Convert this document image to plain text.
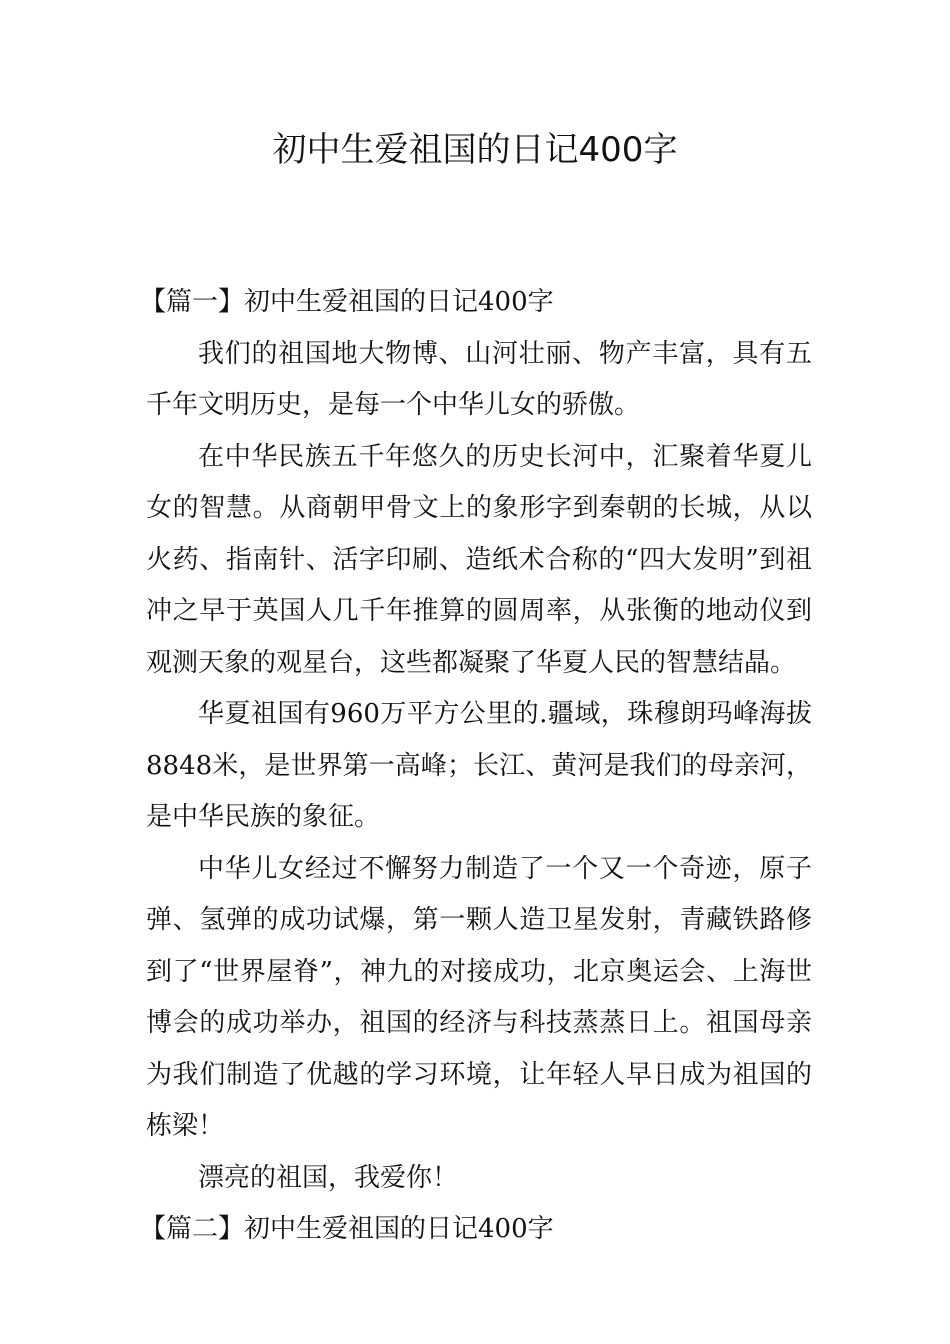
初中生爱祖国的日记400字
【篇一】初中生爱祖国的日记400字

我们的祖国地大物博、山河壮丽、物产丰富，具有五千年文明历史，是每一个中华儿女的骄傲。

在中华民族五千年悠久的历史长河中，汇聚着华夏儿女的智慧。从商朝甲骨文上的象形字到秦朝的长城，从以火药、指南针、活字印刷、造纸术合称的“四大发明”到祖冲之早于英国人几千年推算的圆周率，从张衡的地动仪到观测天象的观星台，这些都凝聚了华夏人民的智慧结晶。

华夏祖国有960万平方公里的.疆域，珠穆朗玛峰海拔8848米，是世界第一高峰；长江、黄河是我们的母亲河，是中华民族的象征。

中华儿女经过不懈努力制造了一个又一个奇迹，原子弹、氢弹的成功试爆，第一颗人造卫星发射，青藏铁路修到了“世界屋脊”，神九的对接成功，北京奥运会、上海世博会的成功举办，祖国的经济与科技蒸蒸日上。祖国母亲为我们制造了优越的学习环境，让年轻人早日成为祖国的栋梁！

漂亮的祖国，我爱你！

【篇二】初中生爱祖国的日记400字
